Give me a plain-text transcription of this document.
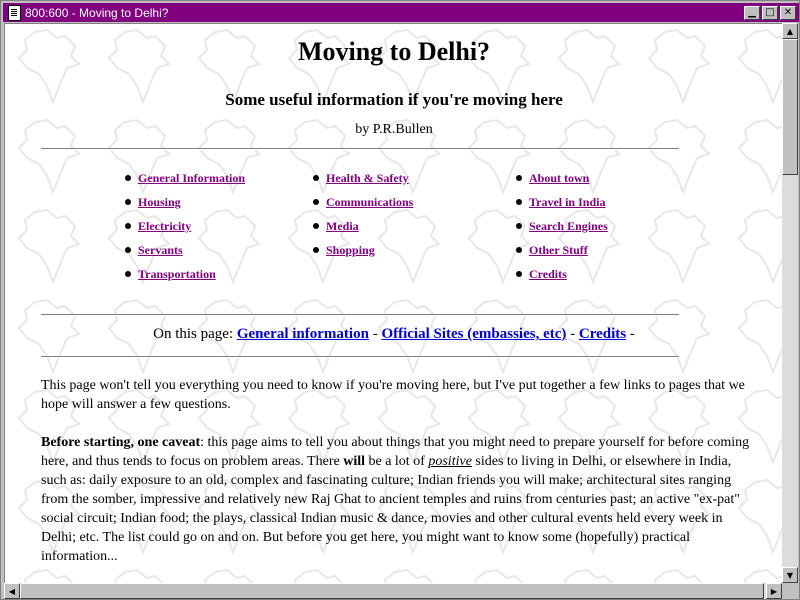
800:600 - Moving to Delhi?	▁ □ ✕
Moving to Delhi?
Some useful information if you're moving here
by P.R.Bullen
General Information
Housing
Electricity
Servants
Transportation
Health & Safety
Communications
Media
Shopping
About town
Travel in India
Search Engines
Other Stuff
Credits
On this page: General information - Official Sites (embassies, etc) - Credits -
This page won't tell you everything you need to know if you're moving here, but I've put together a few links to pages that we hope will answer a few questions.
Before starting, one caveat: this page aims to tell you about things that you might need to prepare yourself for before coming here, and thus tends to focus on problem areas. There will be a lot of positive sides to living in Delhi, or elsewhere in India, such as: daily exposure to an old, complex and fascinating culture; Indian friends you will make; architectural sites ranging from the somber, impressive and relatively new Raj Ghat to ancient temples and ruins from centuries past; an active "ex-pat" social circuit; Indian food; the plays, classical Indian music & dance, movies and other cultural events held every week in Delhi; etc. The list could go on and on. But before you get here, you might want to know some (hopefully) practical information...
▲
▼
◀	▶
